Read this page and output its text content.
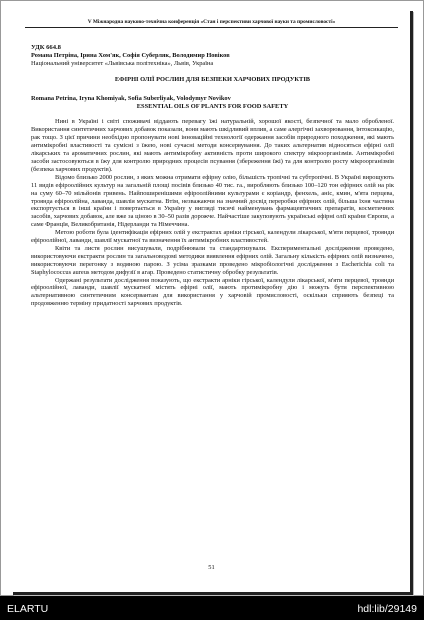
V Міжнародна науково-технічна конференція «Стан і перспективи харчової науки та промисловості»
УДК 664.8
Романа Петріна, Ірина Хом'як, Софія Суберляк, Володимир Новіков
Національний університет «Львівська політехніка», Львів, Україна
ЕФІРНІ ОЛІЇ РОСЛИН ДЛЯ БЕЗПЕКИ ХАРЧОВИХ ПРОДУКТІВ
Romana Petrina, Iryna Khomiyak, Sofia Suberliyak, Volodymyr Novikov
ESSENTIAL OILS OF PLANTS FOR FOOD SAFETY

Нині в Україні і світі споживачі віддають перевагу їжі натуральній, хорошої якості, безпечної та мало обробленої. Використання синтетичних харчових добавок показали, вони мають шкідливий вплив, а саме алергічні захворювання, інтоксикацію, рак тощо. З цієї причини необхідно пропонувати нові інноваційні технології одержання засобів природного походження, які мають антимікробні властивості та сумісні з їжею, нові сучасні методи консервування. До таких альтернатив відносяться ефірні олії лікарських та ароматичних рослин, які мають антимікробну активність проти широкого спектру мікроорганізмів. Антимікробні засоби застосовуються в їжу для контролю природних процесів псування (збереження їжі) та для контролю росту мікроорганізмів (безпека харчових продуктів).

Відомо близько 2000 рослин, з яких можна отримати ефірну олію, більшість тропічні та субтропічні. В Україні вирощують 11 видів ефіроолійних культур на загальній площі посівів близько 40 тис. га., виробляють близько 100–120 тон ефірних олій на рік на суму 60–70 мільйонів гривень. Найпоширенішими ефіроолійними культурами є коріандр, фенхель, аніс, кмин, м'ята перцева, троянда ефіроолійна, лаванда, шавлія мускатна. Втім, незважаючи на значний досвід переробки ефірних олій, більша їхня частина експортується в інші країни і повертається в Україну у вигляді тисячі найменувань фармацевтичних препаратів, косметичних засобів, харчових добавок, але вже за ціною в 30–50 разів дорожче. Найчастіше закуповують українські ефірні олії країни Європи, а саме Францїя, Великобританія, Нідерланди та Німеччина.

Метою роботи була ідентифікація ефірних олій у екстрактах арніки гірської, календули лікарської, м'яти перцевої, троянди ефіроолійної, лаванди, шавлії мускатної та визначення їх антимікробних властивостей.

Квіти та листя рослин висушували, подрібнювали та стандартизували. Експериментальні дослідження проведено, використовуючи екстракти рослин та загальноводомі методики виявлення ефірних олій. Загальну кількість ефірних олій визначено, використовуючи перегонку з водяною парою. З усіма зразками проведено мікробіологічні дослідження з Escherichia coli та Staphylococcus aureus методом дифузії в агар. Проведено статистичну обробку результатів.

Одержані результати дослідження показують, що екстракти арніки гірської, календули лікарської, м'яти перцевої, троянди ефіроолійної, лаванди, шавлії мускатної містять ефірні олії, мають протимікробну дію і можуть бути перспективною альтернативною синтетичним консервантам для використання у харчовій промисловості, оскільки сприяють безпеці та продовженню терміну придатності харчових продуктів.

51
ELARTU	hdl:lib/29149
